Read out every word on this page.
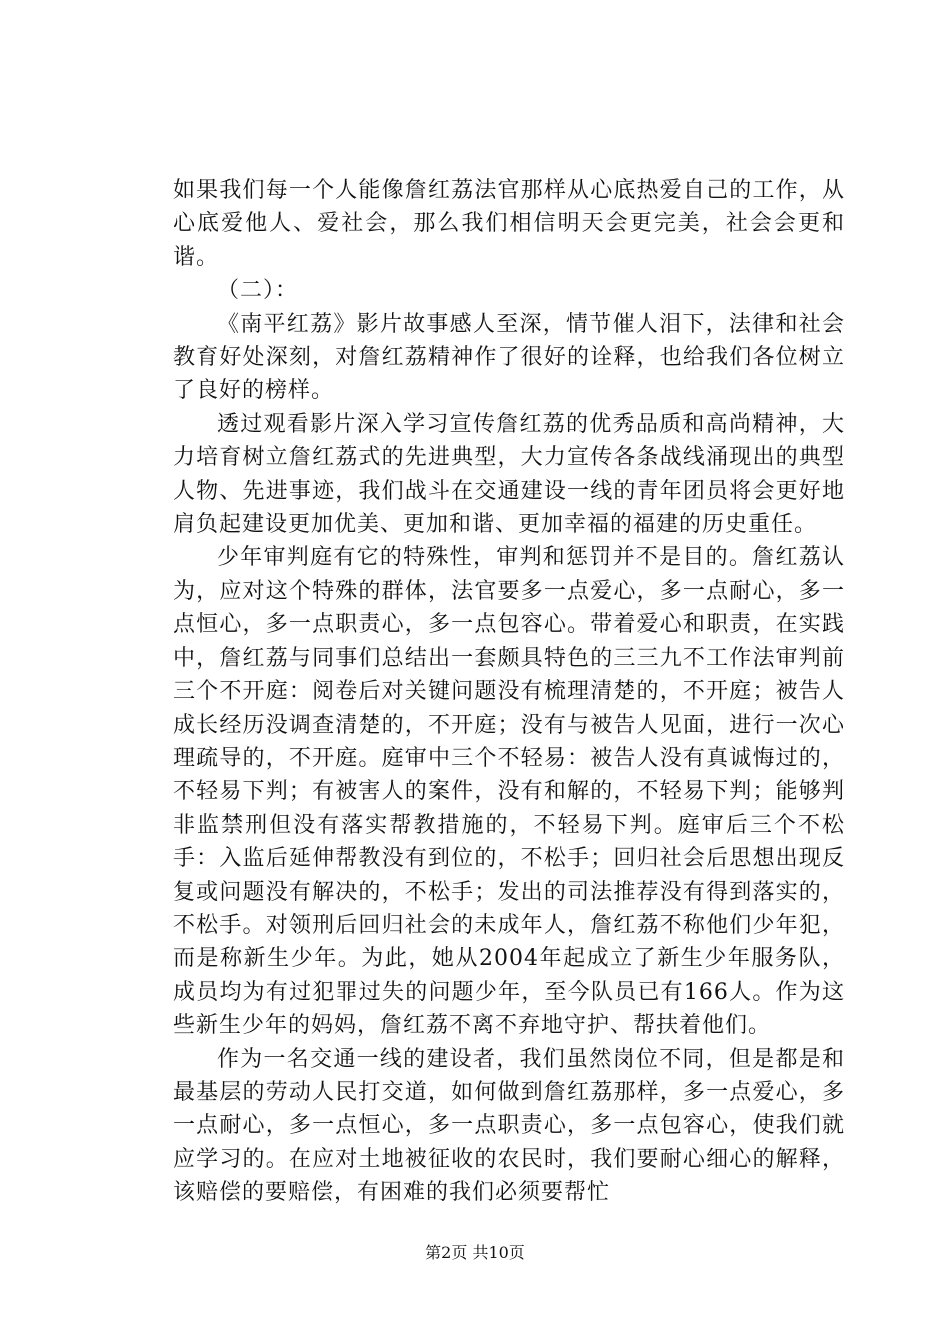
如果我们每一个人能像詹红荔法官那样从心底热爱自己的工作，从心底爱他人、爱社会，那么我们相信明天会更完美，社会会更和谐。

（二）：

《南平红荔》影片故事感人至深，情节催人泪下，法律和社会教育好处深刻，对詹红荔精神作了很好的诠释，也给我们各位树立了良好的榜样。

透过观看影片深入学习宣传詹红荔的优秀品质和高尚精神，大力培育树立詹红荔式的先进典型，大力宣传各条战线涌现出的典型人物、先进事迹，我们战斗在交通建设一线的青年团员将会更好地肩负起建设更加优美、更加和谐、更加幸福的福建的历史重任。

少年审判庭有它的特殊性，审判和惩罚并不是目的。詹红荔认为，应对这个特殊的群体，法官要多一点爱心，多一点耐心，多一点恒心，多一点职责心，多一点包容心。带着爱心和职责，在实践中，詹红荔与同事们总结出一套颇具特色的三三九不工作法审判前三个不开庭：阅卷后对关键问题没有梳理清楚的，不开庭；被告人成长经历没调查清楚的，不开庭；没有与被告人见面，进行一次心理疏导的，不开庭。庭审中三个不轻易：被告人没有真诚悔过的，不轻易下判；有被害人的案件，没有和解的，不轻易下判；能够判非监禁刑但没有落实帮教措施的，不轻易下判。庭审后三个不松手：入监后延伸帮教没有到位的，不松手；回归社会后思想出现反复或问题没有解决的，不松手；发出的司法推荐没有得到落实的，不松手。对领刑后回归社会的未成年人，詹红荔不称他们少年犯，而是称新生少年。为此，她从2004年起成立了新生少年服务队，成员均为有过犯罪过失的问题少年，至今队员已有166人。作为这些新生少年的妈妈，詹红荔不离不弃地守护、帮扶着他们。

作为一名交通一线的建设者，我们虽然岗位不同，但是都是和最基层的劳动人民打交道，如何做到詹红荔那样，多一点爱心，多一点耐心，多一点恒心，多一点职责心，多一点包容心，使我们就应学习的。在应对土地被征收的农民时，我们要耐心细心的解释，该赔偿的要赔偿，有困难的我们必须要帮忙

第2页 共10页
